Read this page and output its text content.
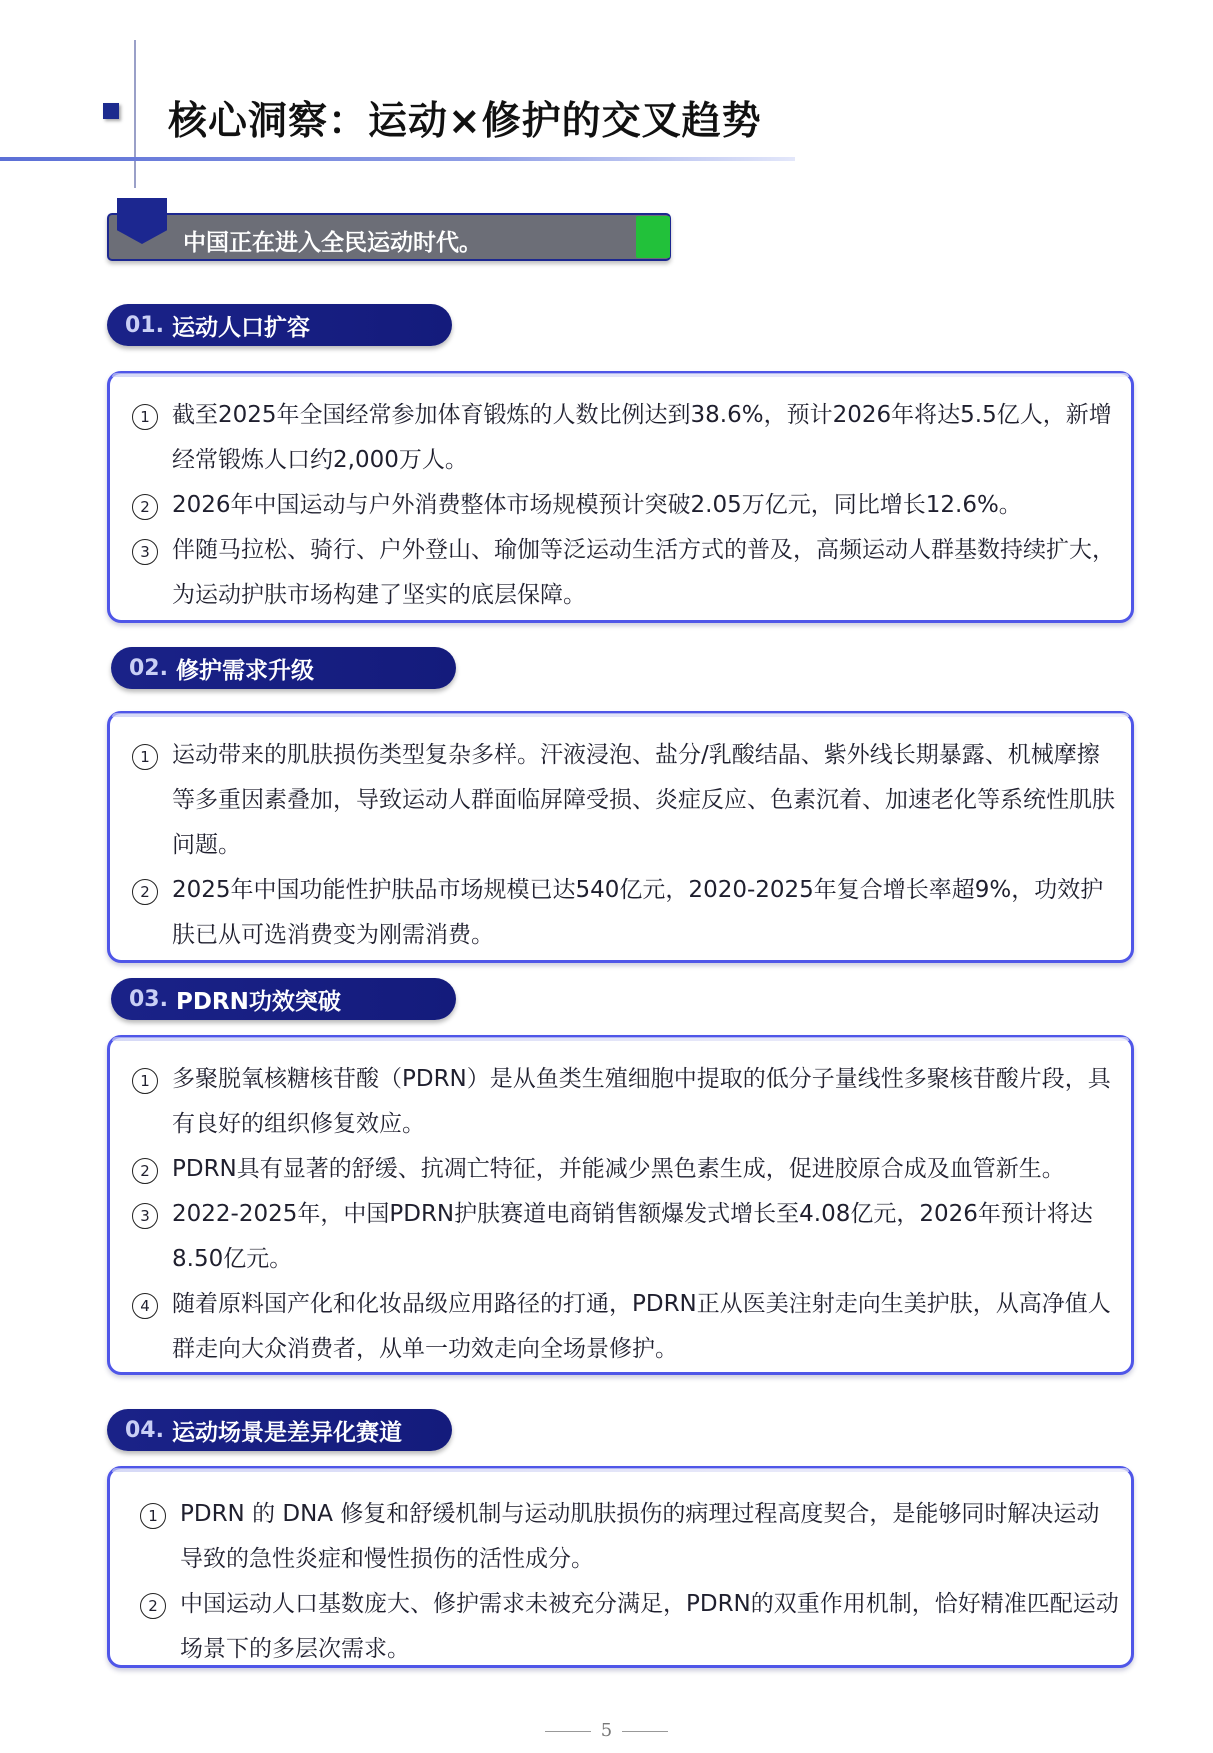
核心洞察：运动×修护的交叉趋势
中国正在进入全民运动时代。
01. 运动人口扩容
1 截至2025年全国经常参加体育锻炼的人数比例达到38.6%，预计2026年将达5.5亿人，新增经常锻炼人口约2,000万人。
2 2026年中国运动与户外消费整体市场规模预计突破2.05万亿元，同比增长12.6%。
3 伴随马拉松、骑行、户外登山、瑜伽等泛运动生活方式的普及，高频运动人群基数持续扩大，为运动护肤市场构建了坚实的底层保障。
02. 修护需求升级
1 运动带来的肌肤损伤类型复杂多样。汗液浸泡、盐分/乳酸结晶、紫外线长期暴露、机械摩擦等多重因素叠加，导致运动人群面临屏障受损、炎症反应、色素沉着、加速老化等系统性肌肤问题。
2 2025年中国功能性护肤品市场规模已达540亿元，2020-2025年复合增长率超9%，功效护肤已从可选消费变为刚需消费。
03. PDRN功效突破
1 多聚脱氧核糖核苷酸（PDRN）是从鱼类生殖细胞中提取的低分子量线性多聚核苷酸片段，具有良好的组织修复效应。
2 PDRN具有显著的舒缓、抗凋亡特征，并能减少黑色素生成，促进胶原合成及血管新生。
3 2022-2025年，中国PDRN护肤赛道电商销售额爆发式增长至4.08亿元，2026年预计将达8.50亿元。
4 随着原料国产化和化妆品级应用路径的打通，PDRN正从医美注射走向生美护肤，从高净值人群走向大众消费者，从单一功效走向全场景修护。
04. 运动场景是差异化赛道
1 PDRN 的 DNA 修复和舒缓机制与运动肌肤损伤的病理过程高度契合，是能够同时解决运动导致的急性炎症和慢性损伤的活性成分。
2 中国运动人口基数庞大、修护需求未被充分满足，PDRN的双重作用机制，恰好精准匹配运动场景下的多层次需求。
5
